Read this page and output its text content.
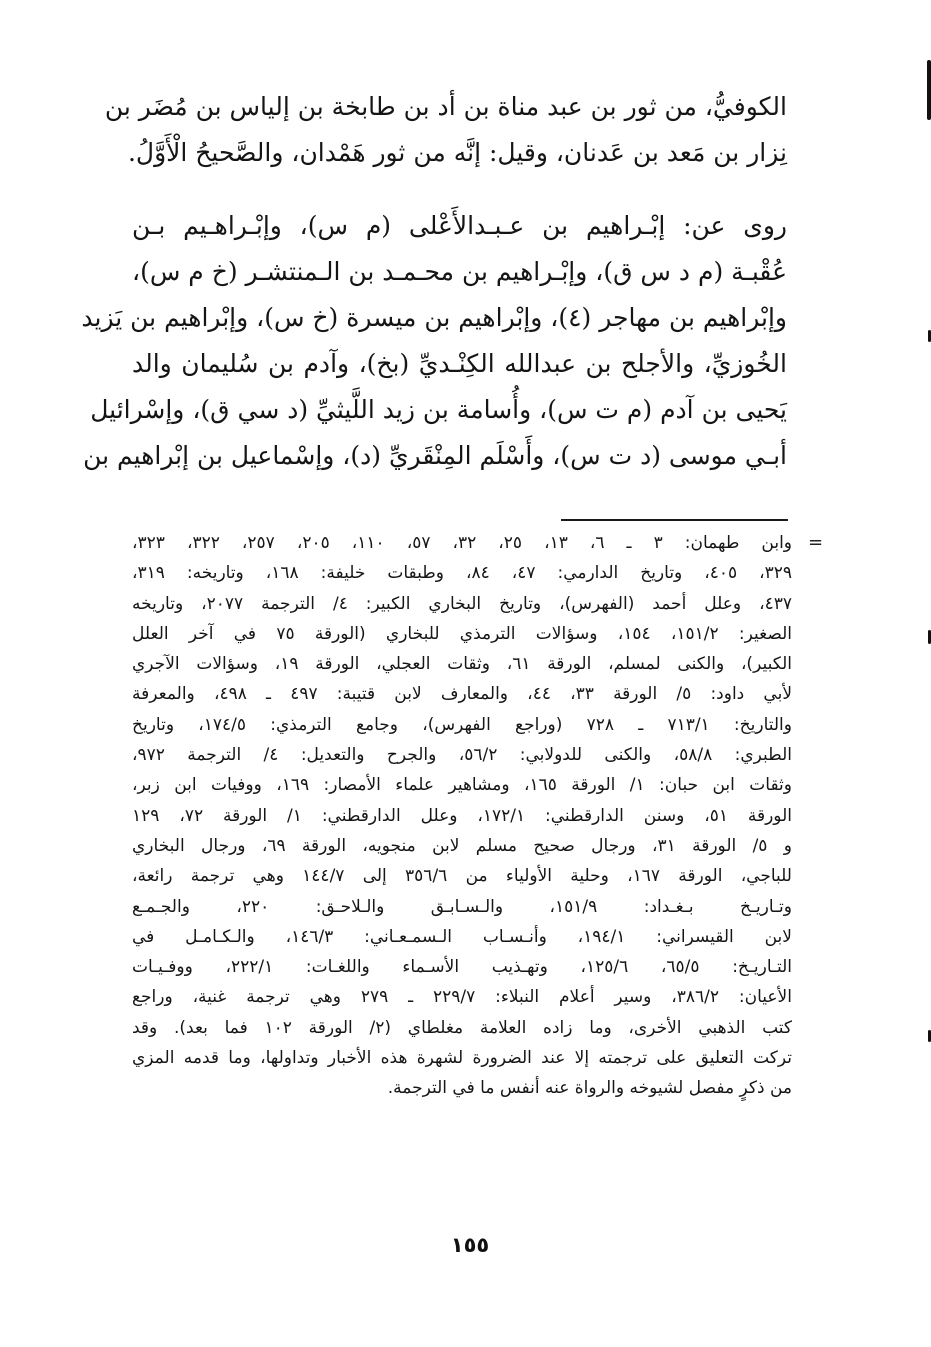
الكوفيُّ، من ثور بن عبد مناة بن أد بن طابخة بن إلياس بن مُضَر بن
نِزار بن مَعد بن عَدنان، وقيل: إنَّه من ثور هَمْدان، والصَّحيحُ الْأَوَّلُ.
روى عن: إبْـراهيم بن عـبـدالأَعْلى (م س)، وإبْـراهـيم بـن
عُقْبـة (م د س ق)، وإبْـراهيم بن محـمـد بن الـمنتشـر (خ م س)،
وإبْراهيم بن مهاجر (٤)، وإبْراهيم بن ميسرة (خ س)، وإبْراهيم بن يَزيد
الخُوزيِّ، والأجلح بن عبدالله الكِنْـديِّ (بخ)، وآدم بن سُليمان والد
يَحيى بن آدم (م ت س)، وأُسامة بن زيد اللَّيثيِّ (د سي ق)، وإسْرائيل
أبـي موسى (د ت س)، وأَسْلَم المِنْقَريِّ (د)، وإسْماعيل بن إبْراهيم بن
=
وابن طهمان: ٣ ـ ٦، ١٣، ٢٥، ٣٢، ٥٧، ١١٠، ٢٠٥، ٢٥٧، ٣٢٢، ٣٢٣،
٣٢٩، ٤٠٥، وتاريخ الدارمي: ٤٧، ٨٤، وطبقات خليفة: ١٦٨، وتاريخه: ٣١٩،
٤٣٧، وعلل أحمد (الفهرس)، وتاريخ البخاري الكبير: ٤/ الترجمة ٢٠٧٧، وتاريخه
الصغير: ١٥١/٢، ١٥٤، وسؤالات الترمذي للبخاري (الورقة ٧٥ في آخر العلل
الكبير)، والكنى لمسلم، الورقة ٦١، وثقات العجلي، الورقة ١٩، وسؤالات الآجري
لأبي داود: ٥/ الورقة ٣٣، ٤٤، والمعارف لابن قتيبة: ٤٩٧ ـ ٤٩٨، والمعرفة
والتاريخ: ٧١٣/١ ـ ٧٢٨ (وراجع الفهرس)، وجامع الترمذي: ١٧٤/٥، وتاريخ
الطبري: ٥٨/٨، والكنى للدولابي: ٥٦/٢، والجرح والتعديل: ٤/ الترجمة ٩٧٢،
وثقات ابن حبان: ١/ الورقة ١٦٥، ومشاهير علماء الأمصار: ١٦٩، ووفيات ابن زبر،
الورقة ٥١، وسنن الدارقطني: ١٧٢/١، وعلل الدارقطني: ١/ الورقة ٧٢، ١٢٩
و ٥/ الورقة ٣١، ورجال صحيح مسلم لابن منجويه، الورقة ٦٩، ورجال البخاري
للباجي، الورقة ١٦٧، وحلية الأولياء من ٣٥٦/٦ إلى ١٤٤/٧ وهي ترجمة رائعة،
وتـاريـخ بـغـداد: ١٥١/٩، والـسـابـق والـلاحـق: ٢٢٠، والجـمـع
لابن القيسراني: ١٩٤/١، وأنـسـاب الـسمـعـاني: ١٤٦/٣، والـكـامـل في
التـاريـخ: ٦٥/٥، ١٢٥/٦، وتهـذيب الأسـماء واللغـات: ٢٢٢/١، ووفـيـات
الأعيان: ٣٨٦/٢، وسير أعلام النبلاء: ٢٢٩/٧ ـ ٢٧٩ وهي ترجمة غنية، وراجع
كتب الذهبي الأخرى، وما زاده العلامة مغلطاي (٢/ الورقة ١٠٢ فما بعد). وقد
تركت التعليق على ترجمته إلا عند الضرورة لشهرة هذه الأخبار وتداولها، وما قدمه المزي
من ذكرٍ مفصل لشيوخه والرواة عنه أنفس ما في الترجمة.
١٥٥
